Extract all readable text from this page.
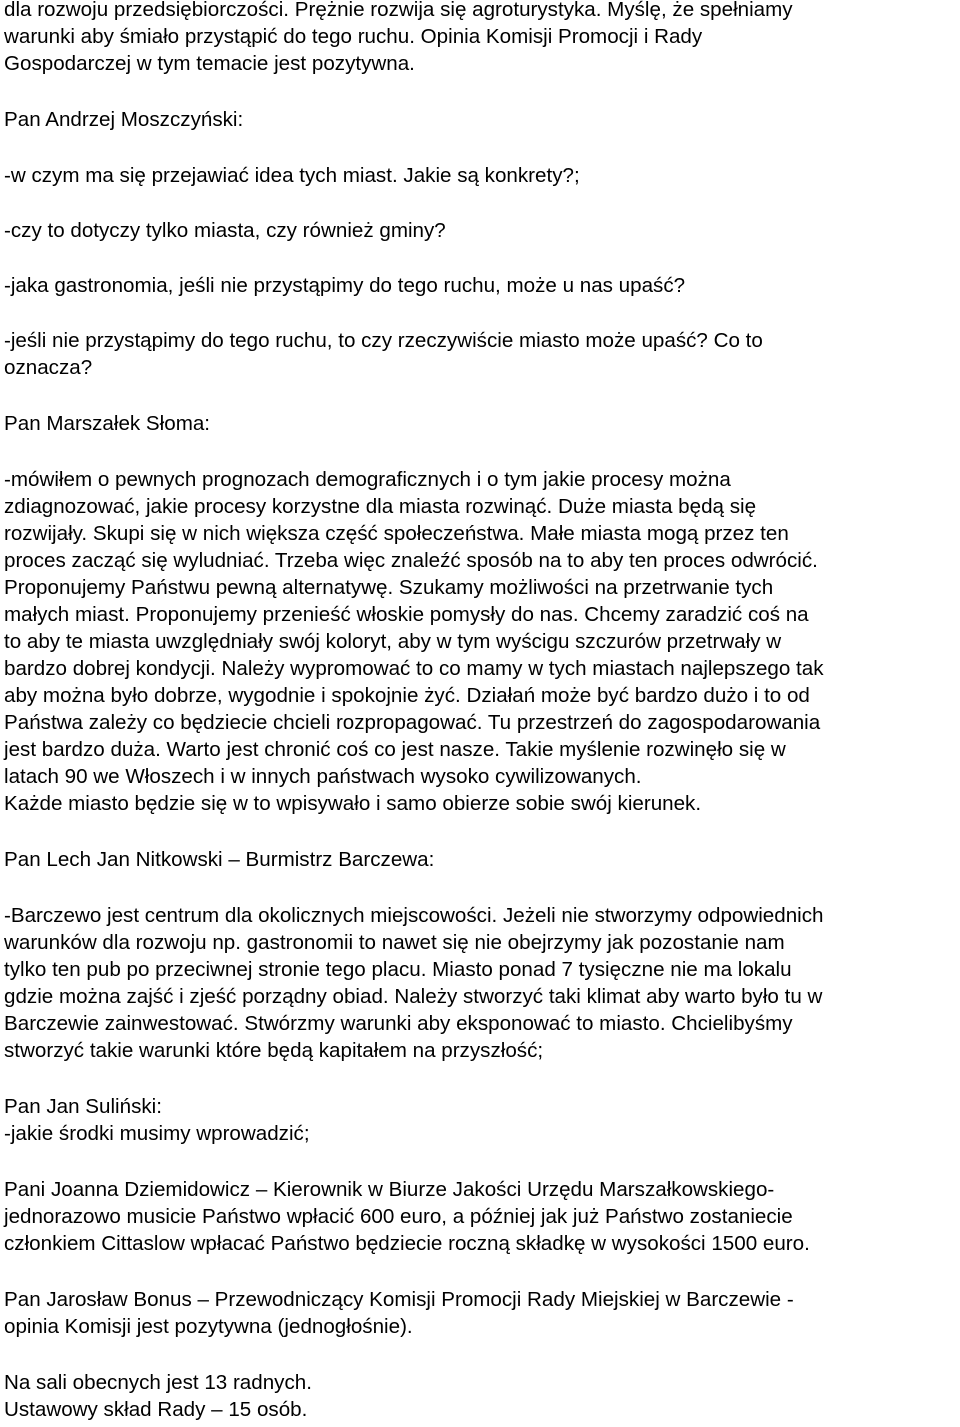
dla rozwoju przedsiębiorczości. Prężnie rozwija się agroturystyka. Myślę, że spełniamy

warunki aby śmiało przystąpić do tego ruchu. Opinia Komisji Promocji i Rady

Gospodarczej w tym temacie jest pozytywna.

Pan Andrzej Moszczyński:

-w czym ma się przejawiać idea tych miast. Jakie są konkrety?;

-czy to dotyczy tylko miasta, czy również gminy?

-jaka gastronomia, jeśli nie przystąpimy do tego ruchu, może u nas upaść?

-jeśli nie przystąpimy do tego ruchu, to czy rzeczywiście miasto może upaść? Co to

oznacza?

Pan Marszałek Słoma:

-mówiłem o pewnych prognozach demograficznych i o tym jakie procesy można

zdiagnozować, jakie procesy korzystne dla miasta rozwinąć. Duże miasta będą się

rozwijały. Skupi się w nich większa część społeczeństwa. Małe miasta mogą przez ten

proces zacząć się wyludniać. Trzeba więc znaleźć sposób na to aby ten proces odwrócić.

Proponujemy Państwu pewną alternatywę. Szukamy możliwości na przetrwanie tych

małych miast. Proponujemy przenieść włoskie pomysły do nas. Chcemy zaradzić coś na

to aby te miasta uwzględniały swój koloryt, aby w tym wyścigu szczurów przetrwały w

bardzo dobrej kondycji. Należy wypromować to co mamy w tych miastach najlepszego tak

aby można było dobrze, wygodnie i spokojnie żyć. Działań może być bardzo dużo i to od

Państwa zależy co będziecie chcieli rozpropagować. Tu przestrzeń do zagospodarowania

jest bardzo duża. Warto jest chronić coś co jest nasze. Takie myślenie rozwinęło się w

latach 90 we Włoszech i w innych państwach wysoko cywilizowanych.

Każde miasto będzie się w to wpisywało i samo obierze sobie swój kierunek.

Pan Lech Jan Nitkowski – Burmistrz Barczewa:

-Barczewo jest centrum dla okolicznych miejscowości. Jeżeli nie stworzymy odpowiednich

warunków dla rozwoju np. gastronomii to nawet się nie obejrzymy jak pozostanie nam

tylko ten pub po przeciwnej stronie tego placu. Miasto ponad 7 tysięczne nie ma lokalu

gdzie można zajść i zjeść porządny obiad. Należy stworzyć taki klimat aby warto było tu w

Barczewie zainwestować. Stwórzmy warunki aby eksponować to miasto. Chcielibyśmy

stworzyć takie warunki które będą kapitałem na przyszłość;

Pan Jan Suliński:

-jakie środki musimy wprowadzić;

Pani Joanna Dziemidowicz – Kierownik w Biurze Jakości Urzędu Marszałkowskiego-

jednorazowo musicie Państwo wpłacić 600 euro, a później jak już Państwo zostaniecie

członkiem Cittaslow wpłacać Państwo będziecie roczną składkę w wysokości 1500 euro.

Pan Jarosław Bonus – Przewodniczący Komisji Promocji Rady Miejskiej w Barczewie -

opinia Komisji jest pozytywna (jednogłośnie).

Na sali obecnych jest 13 radnych.

Ustawowy skład Rady – 15 osób.
